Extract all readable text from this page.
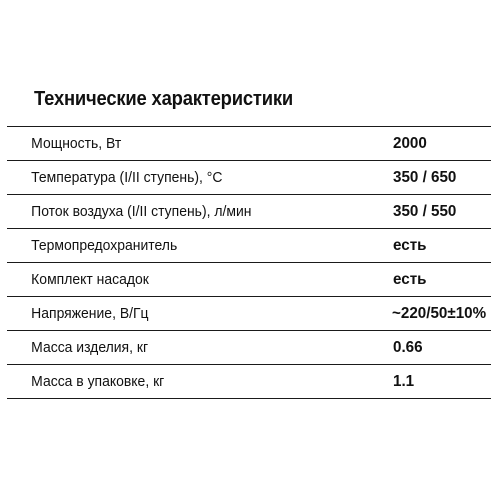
Технические характеристики
Мощность, Вт	2000
Температура (I/II ступень), °C	350 / 650
Поток воздуха (I/II ступень), л/мин	350 / 550
Термопредохранитель	есть
Комплект насадок	есть
Напряжение, В/Гц	~220/50±10%
Масса изделия, кг	0.66
Масса в упаковке, кг	1.1
